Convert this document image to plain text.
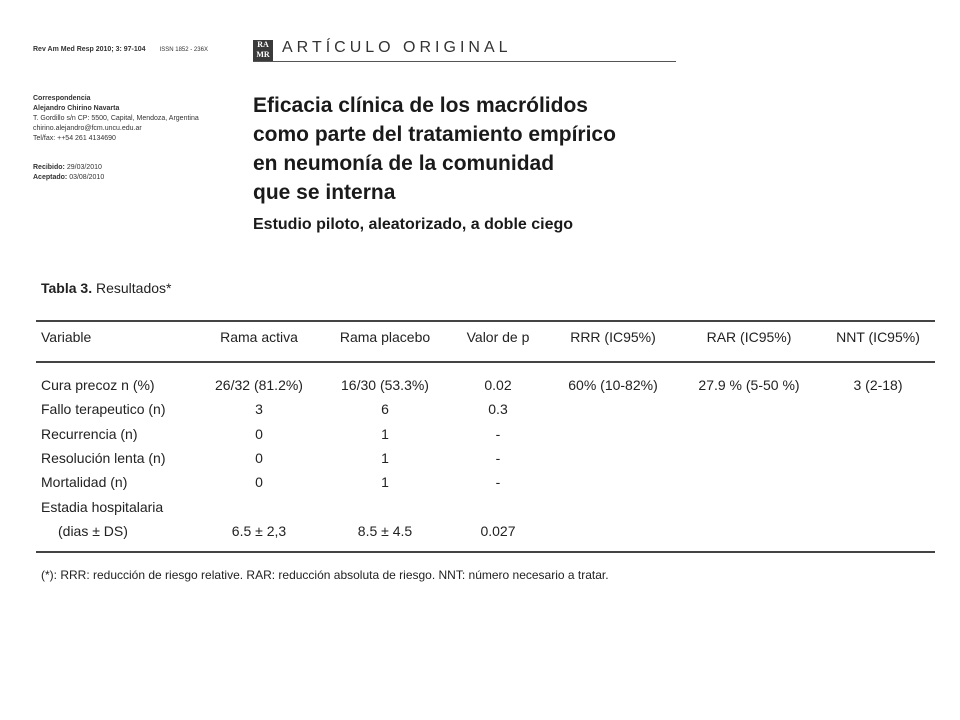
Rev Am Med Resp 2010; 3: 97-104 ISSN 1852 - 236X
RA
MR ARTÍCULO ORIGINAL
Correspondencia
Alejandro Chirino Navarta
T. Gordillo s/n CP: 5500, Capital, Mendoza, Argentina
chirino.alejandro@fcm.uncu.edu.ar
Tel/fax: ++54 261 4134690
Recibido: 29/03/2010
Aceptado: 03/08/2010
Eficacia clínica de los macrólidos
como parte del tratamiento empírico
en neumonía de la comunidad
que se interna
Estudio piloto, aleatorizado, a doble ciego
Tabla 3. Resultados*
Variable	Rama activa	Rama placebo	Valor de p	RRR (IC95%)	RAR (IC95%)	NNT (IC95%)
Cura precoz n (%)	26/32 (81.2%)	16/30 (53.3%)	0.02	60% (10-82%)	27.9 % (5-50 %)	3 (2-18)
Fallo terapeutico (n)	3	6	0.3
Recurrencia (n)	0	1	-
Resolución lenta (n)	0	1	-
Mortalidad (n)	0	1	-
Estadia hospitalaria
(dias ± DS)	6.5 ± 2,3	8.5 ± 4.5	0.027
(*): RRR: reducción de riesgo relative. RAR: reducción absoluta de riesgo. NNT: número necesario a tratar.
